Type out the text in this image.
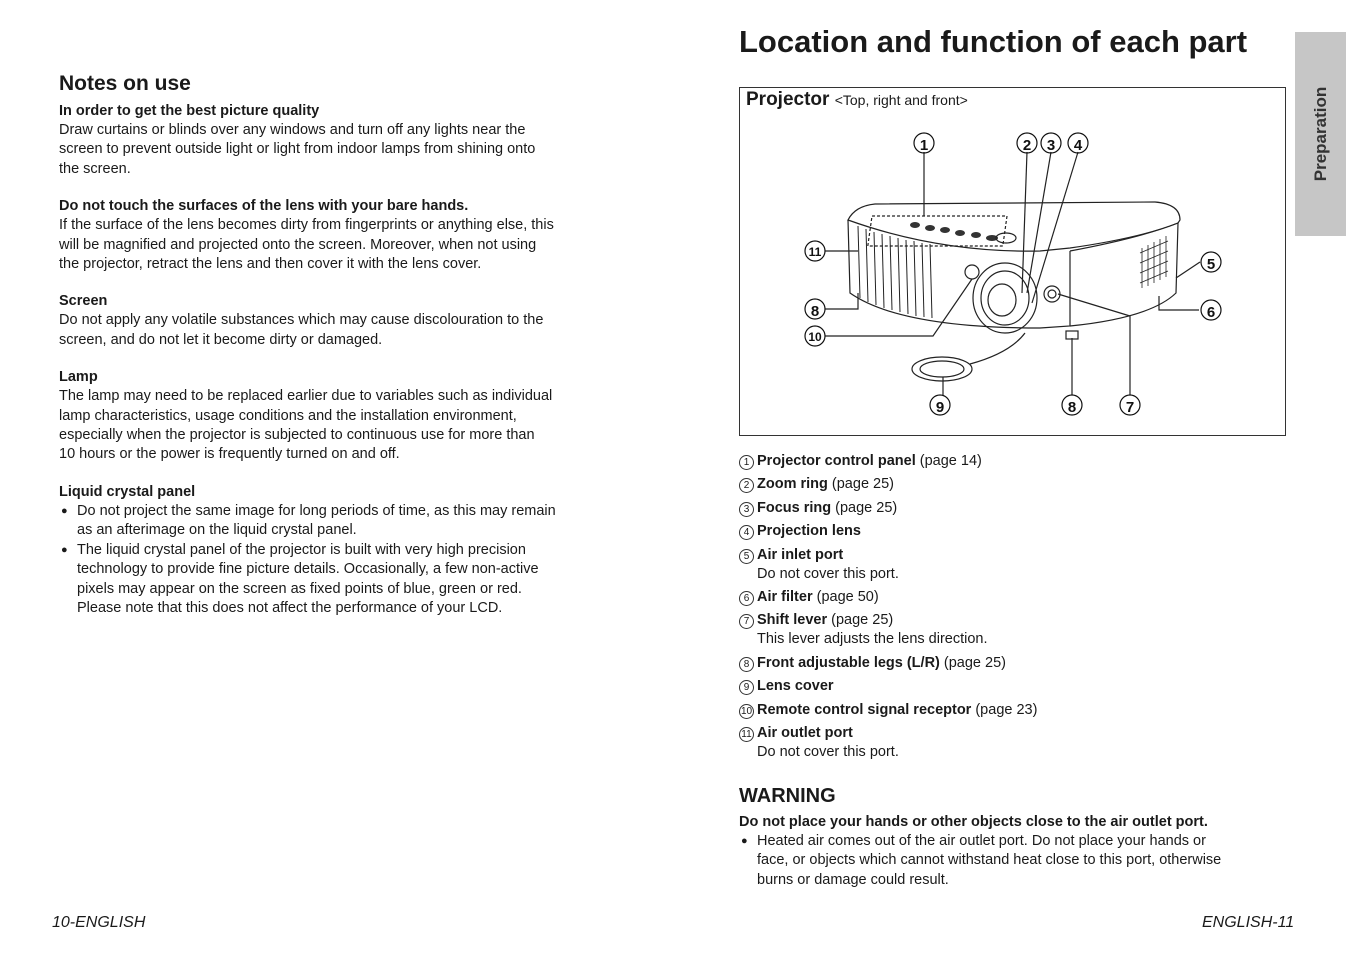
Notes on use
In order to get the best picture quality
Draw curtains or blinds over any windows and turn off any lights near the
screen to prevent outside light or light from indoor lamps from shining onto
the screen.
Do not touch the surfaces of the lens with your bare hands.
If the surface of the lens becomes dirty from fingerprints or anything else, this
will be magnified and projected onto the screen. Moreover, when not using
the projector, retract the lens and then cover it with the lens cover.
Screen
Do not apply any volatile substances which may cause discolouration to the
screen, and do not let it become dirty or damaged.
Lamp
The lamp may need to be replaced earlier due to variables such as individual
lamp characteristics, usage conditions and the installation environment,
especially when the projector is subjected to continuous use for more than
10 hours or the power is frequently turned on and off.
Liquid crystal panel
● Do not project the same image for long periods of time, as this may remain
as an afterimage on the liquid crystal panel.
● The liquid crystal panel of the projector is built with very high precision
technology to provide fine picture details. Occasionally, a few non-active
pixels may appear on the screen as fixed points of blue, green or red.
Please note that this does not affect the performance of your LCD.
Location and function of each part
Projector <Top, right and front>
1	2 3 4
11
5
8	6
10
9	8	7
1 Projector control panel (page 14)
2 Zoom ring (page 25)
3 Focus ring (page 25)
4 Projection lens
5 Air inlet port
Do not cover this port.
6 Air filter (page 50)
7 Shift lever (page 25)
This lever adjusts the lens direction.
8 Front adjustable legs (L/R) (page 25)
9 Lens cover
10 Remote control signal receptor (page 23)
11 Air outlet port
Do not cover this port.
WARNING
Do not place your hands or other objects close to the air outlet port.
● Heated air comes out of the air outlet port. Do not place your hands or
face, or objects which cannot withstand heat close to this port, otherwise
burns or damage could result.
Preparation
10-ENGLISH	ENGLISH-11
